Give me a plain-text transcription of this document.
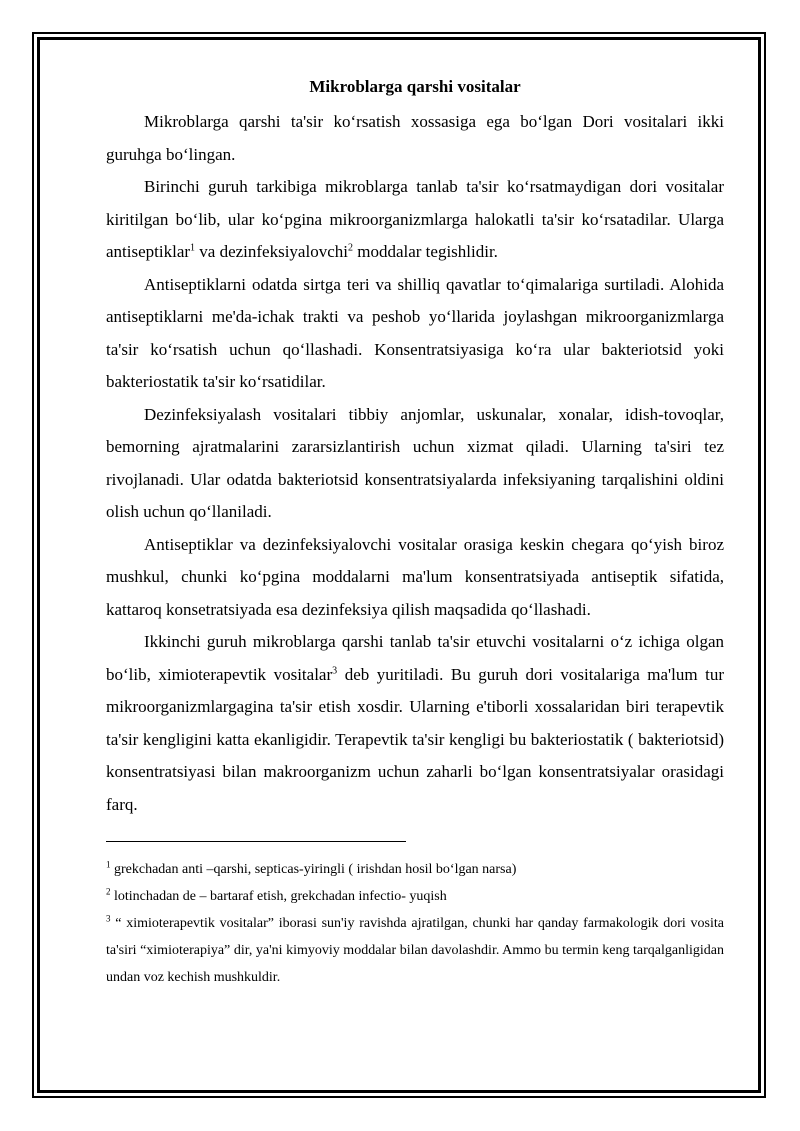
Mikroblarga qarshi vositalar

Mikroblarga qarshi ta'sir ko‘rsatish xossasiga ega bo‘lgan Dori vositalari ikki guruhga bo‘lingan.

Birinchi guruh tarkibiga mikroblarga tanlab ta'sir ko‘rsatmaydigan dori vositalar kiritilgan bo‘lib, ular ko‘pgina mikroorganizmlarga halokatli ta'sir ko‘rsatadilar. Ularga antiseptiklar$^1$ va dezinfeksiyalovchi$^2$ moddalar tegishlidir.

Antiseptiklarni odatda sirtga teri va shilliq qavatlar to‘qimalariga surtiladi. Alohida antiseptiklarni me'da-ichak trakti va peshob yo‘llarida joylashgan mikroorganizmlarga ta'sir ko‘rsatish uchun qo‘llashadi. Konsentratsiyasiga ko‘ra ular bakteriotsid yoki bakteriostatik ta'sir ko‘rsatidilar.

Dezinfeksiyalash vositalari tibbiy anjomlar, uskunalar, xonalar, idish-tovoqlar, bemorning ajratmalarini zararsizlantirish uchun xizmat qiladi. Ularning ta'siri tez rivojlanadi. Ular odatda bakteriotsid konsentratsiyalarda infeksiyaning tarqalishini oldini olish uchun qo‘llaniladi.

Antiseptiklar va dezinfeksiyalovchi vositalar orasiga keskin chegara qo‘yish biroz mushkul, chunki ko‘pgina moddalarni ma'lum konsentratsiyada antiseptik sifatida, kattaroq konsetratsiyada esa dezinfeksiya qilish maqsadida qo‘llashadi.

Ikkinchi guruh mikroblarga qarshi tanlab ta'sir etuvchi vositalarni o‘z ichiga olgan bo‘lib, ximioterapevtik vositalar$^3$ deb yuritiladi. Bu guruh dori vositalariga ma'lum tur mikroorganizmlargagina ta'sir etish xosdir. Ularning e'tiborli xossalaridan biri terapevtik ta'sir kengligini katta ekanligidir. Terapevtik ta'sir kengligi bu bakteriostatik ( bakteriotsid) konsentratsiyasi bilan makroorganizm uchun zaharli bo‘lgan konsentratsiyalar orasidagi farq.

$^1$ grekchadan anti –qarshi, septicas-yiringli ( irishdan hosil bo‘lgan narsa)

$^2$ lotinchadan de – bartaraf etish, grekchadan infectio- yuqish

$^3$ “ ximioterapevtik vositalar” iborasi sun'iy ravishda ajratilgan, chunki har qanday farmakologik dori vosita ta'siri “ximioterapiya” dir, ya'ni kimyoviy moddalar bilan davolashdir. Ammo bu termin keng tarqalganligidan undan voz kechish mushkuldir.
